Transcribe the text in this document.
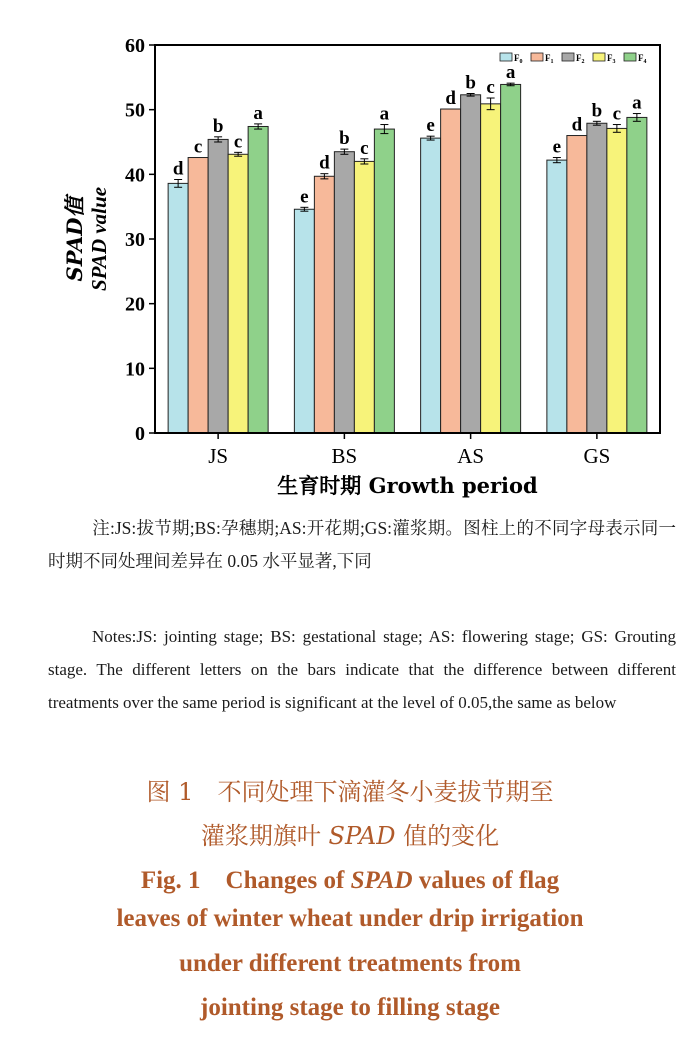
0
10
20
30
40
50
60
JS
d
c
b
c
a
BS
e
d
b c
a
AS
e
d
b c
a
GS
e
d
b c
a
$F_0$	$F_1$	$F_2$	$F_3$	$F_4$
SPAD值 SPAD value
生育时期 Growth period
注:JS:拔节期;BS:孕穗期;AS:开花期;GS:灌浆期。图柱上的不同字母表示同一时期不同处理间差异在 0.05 水平显著,下同
Notes:JS: jointing stage; BS: gestational stage; AS: flowering stage; GS: Grouting stage. The different letters on the bars indicate that the difference between different treatments over the same period is significant at the level of 0.05,the same as below
图 1　不同处理下滴灌冬小麦拔节期至
灌浆期旗叶 SPAD 值的变化
Fig. 1　Changes of SPAD values of flag
leaves of winter wheat under drip irrigation
under different treatments from
jointing stage to filling stage
